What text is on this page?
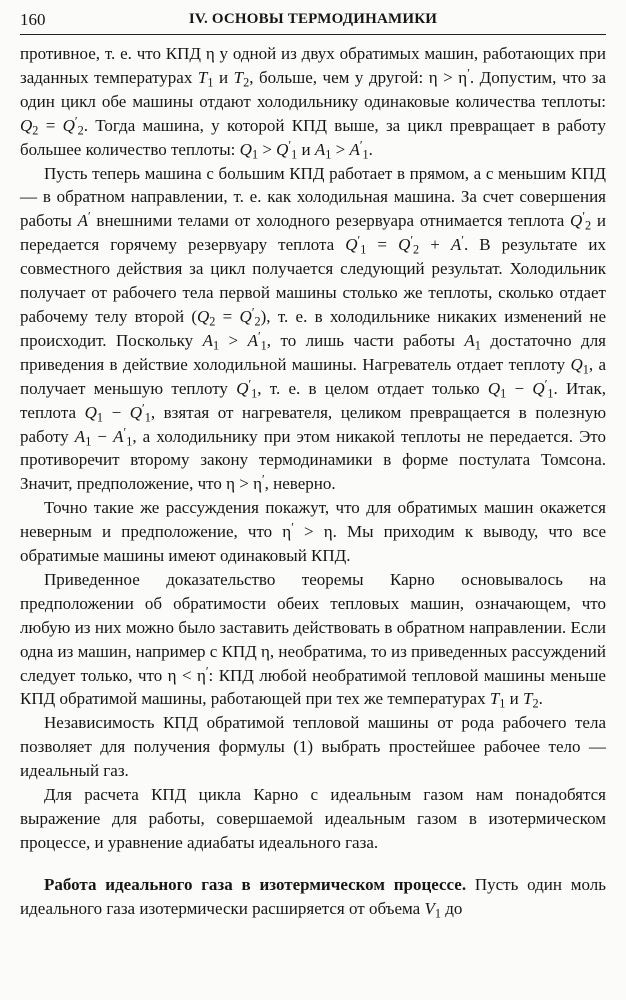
160	IV. ОСНОВЫ ТЕРМОДИНАМИКИ

противное, т. е. что КПД η у одной из двух обратимых машин, работающих при заданных температурах $T_1$ и $T_2$, больше, чем у другой: η > η′. Допустим, что за один цикл обе машины отдают холодильнику одинаковые количества теплоты: $Q_2 = Q'_2$. Тогда машина, у которой КПД выше, за цикл превращает в работу большее количество теплоты: $Q_1 > Q'_1$ и $A_1 > A'_1$.

Пусть теперь машина с большим КПД работает в прямом, а с меньшим КПД — в обратном направлении, т. е. как холодильная машина. За счет совершения работы A′ внешними телами от холодного резервуара отнимается теплота $Q'_2$ и передается горячему резервуару теплота $Q'_1 = Q'_2 + A'$. В результате их совместного действия за цикл получается следующий результат. Холодильник получает от рабочего тела первой машины столько же теплоты, сколько отдает рабочему телу второй $(Q_2 = Q'_2)$, т. е. в холодильнике никаких изменений не происходит. Поскольку $A_1 > A'_1$, то лишь части работы $A_1$ достаточно для приведения в действие холодильной машины. Нагреватель отдает теплоту $Q_1$, а получает меньшую теплоту $Q'_1$, т. е. в целом отдает только $Q_1 - Q'_1$. Итак, теплота $Q_1 - Q'_1$, взятая от нагревателя, целиком превращается в полезную работу $A_1 - A'_1$, а холодильнику при этом никакой теплоты не передается. Это противоречит второму закону термодинамики в форме постулата Томсона. Значит, предположение, что η > η′, неверно.

Точно такие же рассуждения покажут, что для обратимых машин окажется неверным и предположение, что η′ > η. Мы приходим к выводу, что все обратимые машины имеют одинаковый КПД.

Приведенное доказательство теоремы Карно основывалось на предположении об обратимости обеих тепловых машин, означающем, что любую из них можно было заставить действовать в обратном направлении. Если одна из машин, например с КПД η, необратима, то из приведенных рассуждений следует только, что η < η′: КПД любой необратимой тепловой машины меньше КПД обратимой машины, работающей при тех же температурах $T_1$ и $T_2$.

Независимость КПД обратимой тепловой машины от рода рабочего тела позволяет для получения формулы (1) выбрать простейшее рабочее тело — идеальный газ.

Для расчета КПД цикла Карно с идеальным газом нам понадобятся выражение для работы, совершаемой идеальным газом в изотермическом процессе, и уравнение адиабаты идеального газа.

Работа идеального газа в изотермическом процессе. Пусть один моль идеального газа изотермически расширяется от объема $V_1$ до
